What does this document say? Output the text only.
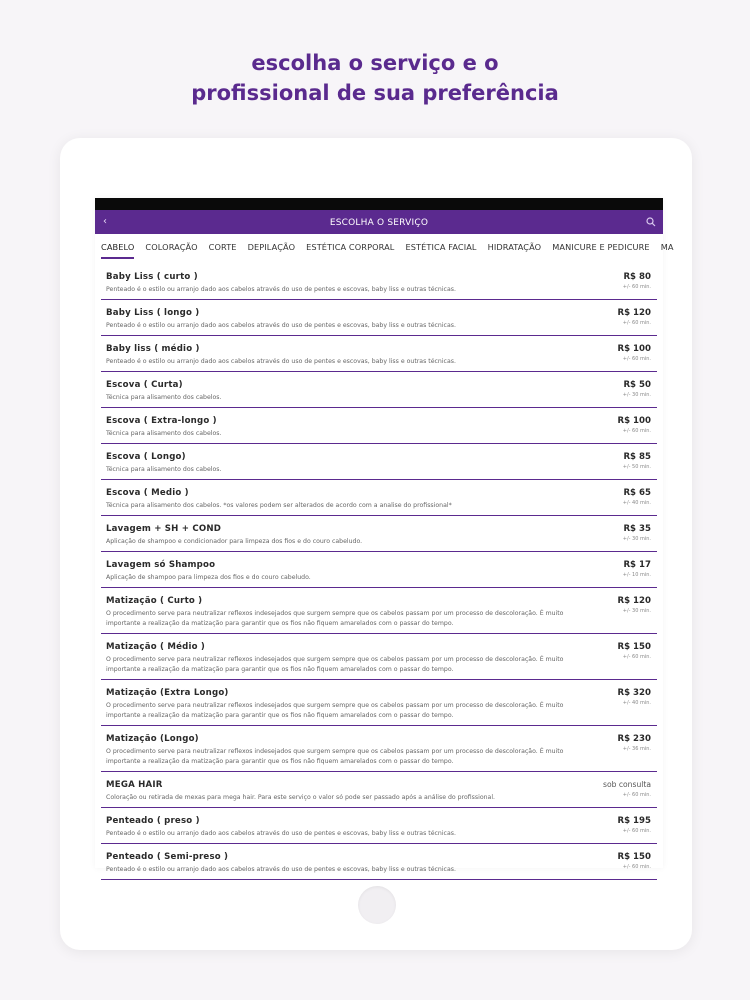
escolha o serviço e o
profissional de sua preferência
‹	ESCOLHA O SERVIÇO
CABELO COLORAÇÃO CORTE DEPILAÇÃO ESTÉTICA CORPORAL ESTÉTICA FACIAL HIDRATAÇÃO MANICURE E PEDICURE MA
Baby Liss ( curto )
Penteado é o estilo ou arranjo dado aos cabelos através do uso de pentes e escovas, baby liss e outras técnicas.
R$ 80
+/- 60 min.
Baby Liss ( longo )
Penteado é o estilo ou arranjo dado aos cabelos através do uso de pentes e escovas, baby liss e outras técnicas.
R$ 120
+/- 60 min.
Baby liss ( médio )
Penteado é o estilo ou arranjo dado aos cabelos através do uso de pentes e escovas, baby liss e outras técnicas.
R$ 100
+/- 60 min.
Escova ( Curta)
Técnica para alisamento dos cabelos.
R$ 50
+/- 30 min.
Escova ( Extra-longo )
Técnica para alisamento dos cabelos.
R$ 100
+/- 60 min.
Escova ( Longo)
Técnica para alisamento dos cabelos.
R$ 85
+/- 50 min.
Escova ( Medio )
Técnica para alisamento dos cabelos. *os valores podem ser alterados de acordo com a analise do profissional*
R$ 65
+/- 40 min.
Lavagem + SH + COND
Aplicação de shampoo e condicionador para limpeza dos fios e do couro cabeludo.
R$ 35
+/- 30 min.
Lavagem só Shampoo
Aplicação de shampoo para limpeza dos fios e do couro cabeludo.
R$ 17
+/- 10 min.
Matização ( Curto )
O procedimento serve para neutralizar reflexos indesejados que surgem sempre que os cabelos passam por um processo de descoloração. É muito importante a realização da matização para garantir que os fios não fiquem amarelados com o passar do tempo.
R$ 120
+/- 30 min.
Matização ( Médio )
O procedimento serve para neutralizar reflexos indesejados que surgem sempre que os cabelos passam por um processo de descoloração. É muito importante a realização da matização para garantir que os fios não fiquem amarelados com o passar do tempo.
R$ 150
+/- 60 min.
Matização (Extra Longo)
O procedimento serve para neutralizar reflexos indesejados que surgem sempre que os cabelos passam por um processo de descoloração. É muito importante a realização da matização para garantir que os fios não fiquem amarelados com o passar do tempo.
R$ 320
+/- 40 min.
Matização (Longo)
O procedimento serve para neutralizar reflexos indesejados que surgem sempre que os cabelos passam por um processo de descoloração. É muito importante a realização da matização para garantir que os fios não fiquem amarelados com o passar do tempo.
R$ 230
+/- 36 min.
MEGA HAIR
Coloração ou retirada de mexas para mega hair. Para este serviço o valor só pode ser passado após a análise do profissional.
sob consulta
+/- 60 min.
Penteado ( preso )
Penteado é o estilo ou arranjo dado aos cabelos através do uso de pentes e escovas, baby liss e outras técnicas.
R$ 195
+/- 60 min.
Penteado ( Semi-preso )
Penteado é o estilo ou arranjo dado aos cabelos através do uso de pentes e escovas, baby liss e outras técnicas.
R$ 150
+/- 60 min.
